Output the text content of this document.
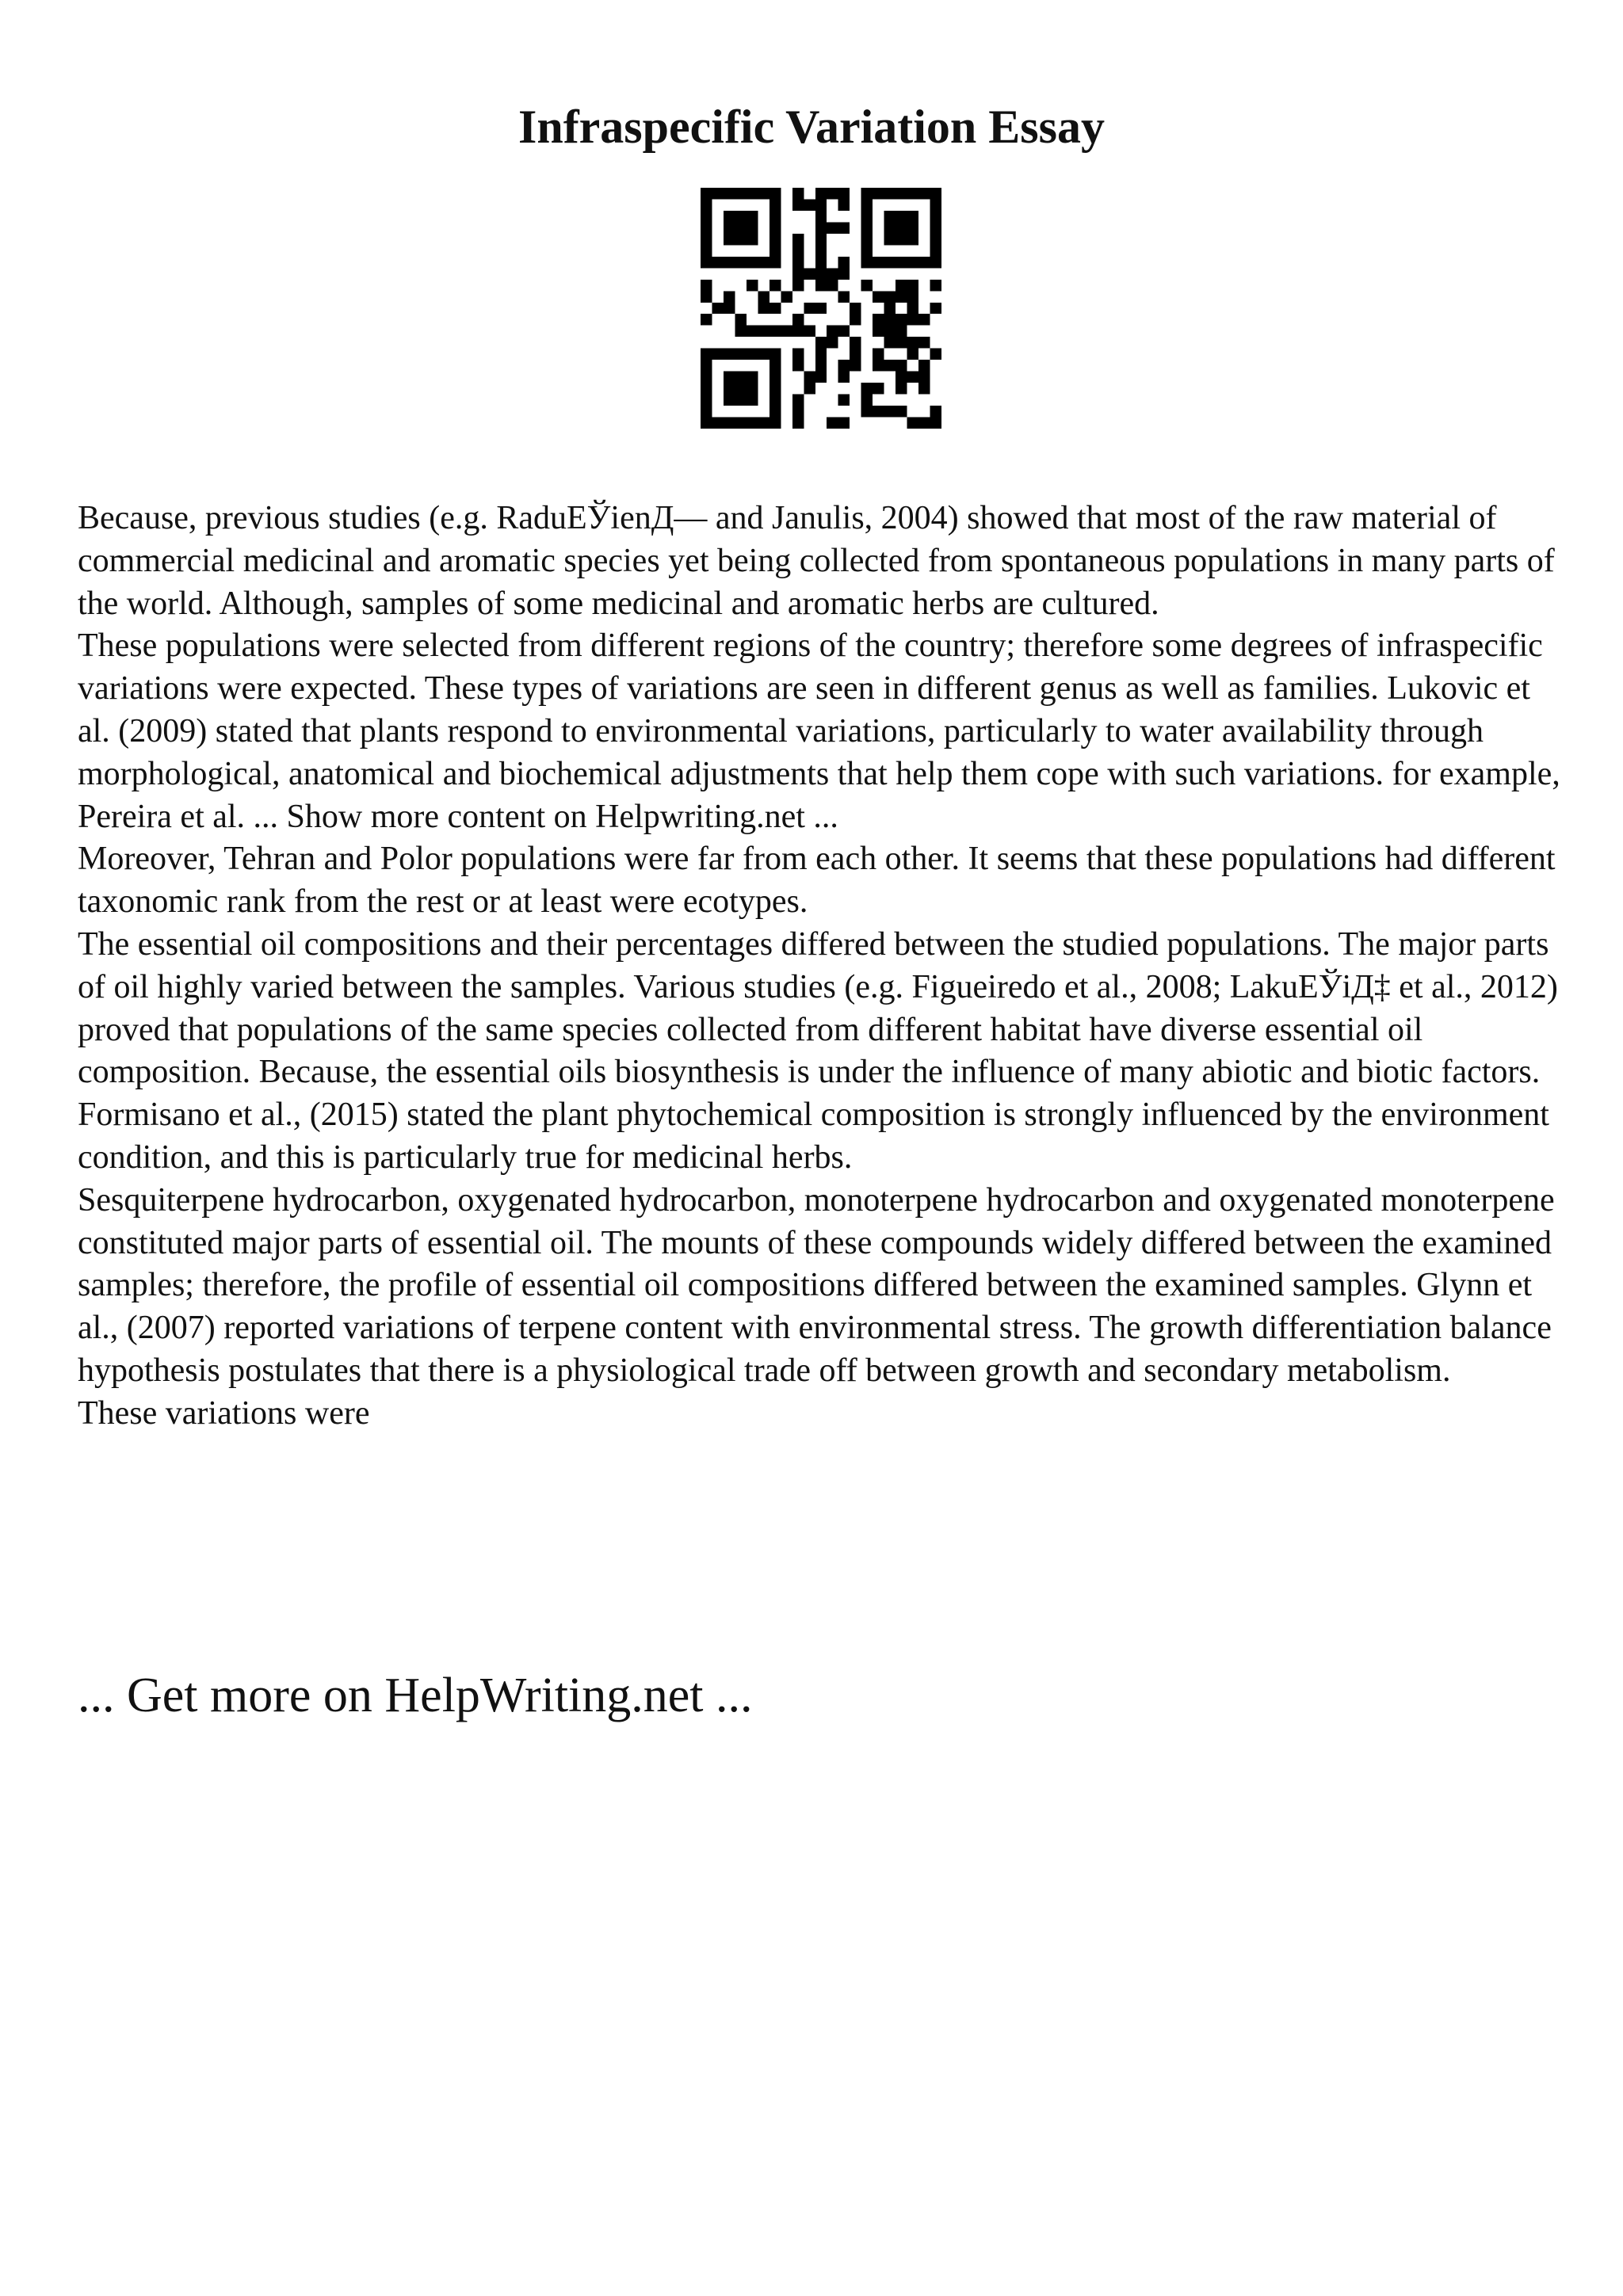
Infraspecific Variation Essay

Because, previous studies (e.g. RaduЕЎienД— and Janulis, 2004) showed that most of the raw material of commercial medicinal and aromatic species yet being collected from spontaneous populations in many parts of the world. Although, samples of some medicinal and aromatic herbs are cultured.

These populations were selected from different regions of the country; therefore some degrees of infraspecific variations were expected. These types of variations are seen in different genus as well as families. Lukovic et al. (2009) stated that plants respond to environmental variations, particularly to water availability through morphological, anatomical and biochemical adjustments that help them cope with such variations. for example, Pereira et al. ... Show more content on Helpwriting.net ...

Moreover, Tehran and Polor populations were far from each other. It seems that these populations had different taxonomic rank from the rest or at least were ecotypes.

The essential oil compositions and their percentages differed between the studied populations. The major parts of oil highly varied between the samples. Various studies (e.g. Figueiredo et al., 2008; LakuЕЎiД‡ et al., 2012) proved that populations of the same species collected from different habitat have diverse essential oil composition. Because, the essential oils biosynthesis is under the influence of many abiotic and biotic factors. Formisano et al., (2015) stated the plant phytochemical composition is strongly influenced by the environment condition, and this is particularly true for medicinal herbs.

Sesquiterpene hydrocarbon, oxygenated hydrocarbon, monoterpene hydrocarbon and oxygenated monoterpene constituted major parts of essential oil. The mounts of these compounds widely differed between the examined samples; therefore, the profile of essential oil compositions differed between the examined samples. Glynn et al., (2007) reported variations of terpene content with environmental stress. The growth differentiation balance hypothesis postulates that there is a physiological trade off between growth and secondary metabolism.

These variations were

... Get more on HelpWriting.net ...
